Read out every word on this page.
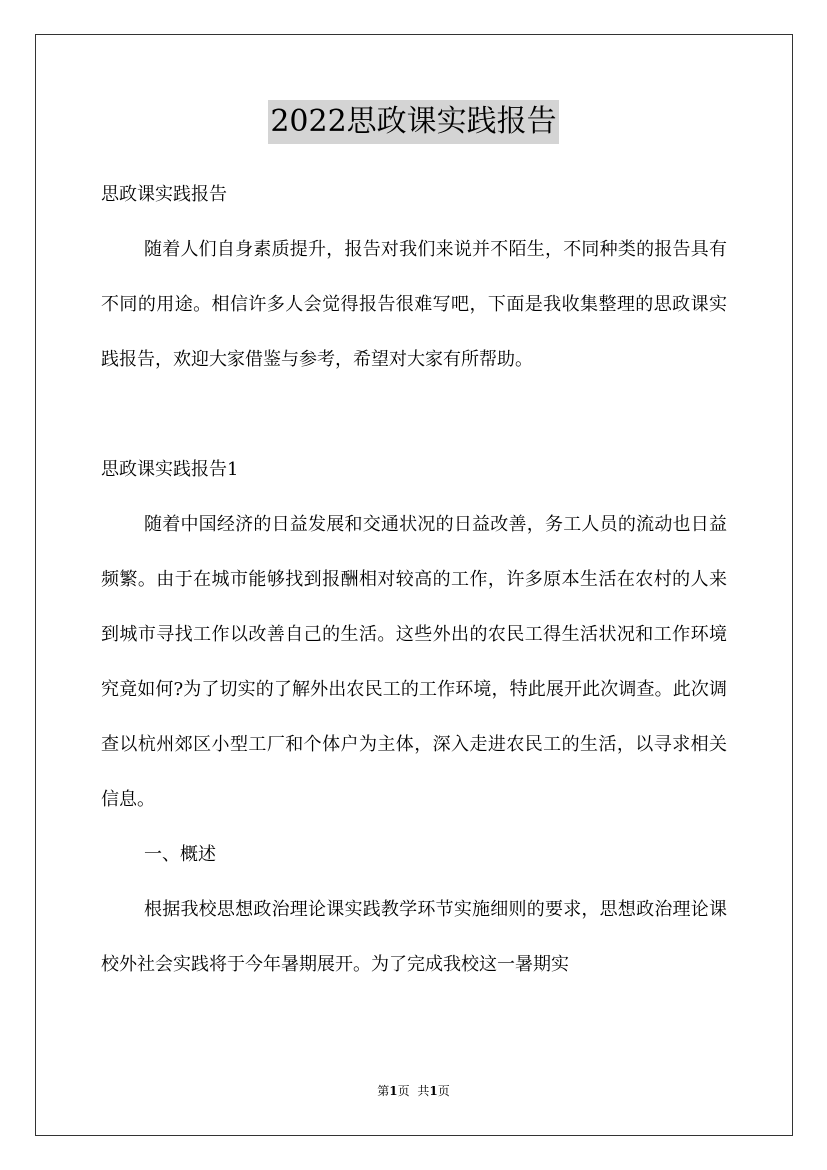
2022思政课实践报告

思政课实践报告

随着人们自身素质提升，报告对我们来说并不陌生，不同种类的报告具有不同的用途。相信许多人会觉得报告很难写吧，下面是我收集整理的思政课实践报告，欢迎大家借鉴与参考，希望对大家有所帮助。

思政课实践报告1

随着中国经济的日益发展和交通状况的日益改善，务工人员的流动也日益频繁。由于在城市能够找到报酬相对较高的工作，许多原本生活在农村的人来到城市寻找工作以改善自己的生活。这些外出的农民工得生活状况和工作环境究竟如何?为了切实的了解外出农民工的工作环境，特此展开此次调查。此次调查以杭州郊区小型工厂和个体户为主体，深入走进农民工的生活，以寻求相关信息。

一、概述

根据我校思想政治理论课实践教学环节实施细则的要求，思想政治理论课校外社会实践将于今年暑期展开。为了完成我校这一暑期实

第1页 共1页
